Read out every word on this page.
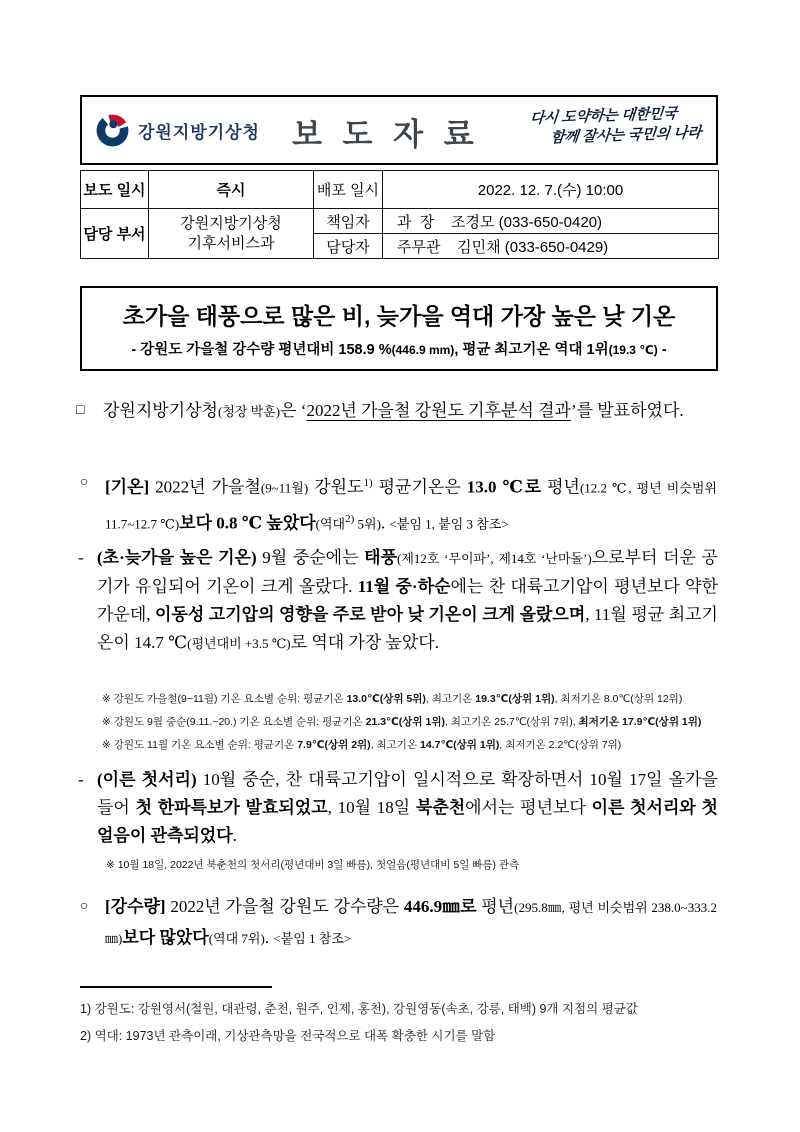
강원지방기상청 보 도 자 료
다시 도약하는 대한민국
함께 잘사는 국민의 나라
보도 일시	즉시	배포 일시	2022. 12. 7.(수) 10:00
담당 부서	강원지방기상청
기후서비스과	책임자	과  장    조경모 (033-650-0420)
		담당자	주무관    김민채 (033-650-0429)
초가을 태풍으로 많은 비, 늦가을 역대 가장 높은 낮 기온
- 강원도 가을철 강수량 평년대비 158.9 %(446.9 mm), 평균 최고기온 역대 1위(19.3 ℃) -
□	강원지방기상청(청장 박훈)은 ‘2022년 가을철 강원도 기후분석 결과’를 발표하였다.
○ [기온] 2022년 가을철(9~11월) 강원도$^{1)}$ 평균기온은 13.0 ℃로 평년(12.2 ℃, 평년 비슷범위 11.7~12.7 ℃)보다 0.8 ℃ 높았다(역대$^{2)}$ 5위). <붙임 1, 붙임 3 참조>
- (초·늦가을 높은 기온) 9월 중순에는 태풍(제12호 ‘무이파’, 제14호 ‘난마돌’)으로부터 더운 공기가 유입되어 기온이 크게 올랐다. 11월 중·하순에는 찬 대륙고기압이 평년보다 약한 가운데, 이동성 고기압의 영향을 주로 받아 낮 기온이 크게 올랐으며, 11월 평균 최고기온이 14.7 ℃(평년대비 +3.5 ℃)로 역대 가장 높았다.
※ 강원도 가을철(9~11월) 기온 요소별 순위: 평균기온 13.0℃(상위 5위), 최고기온 19.3℃(상위 1위), 최저기온 8.0℃(상위 12위)
※ 강원도 9월 중순(9.11.~20.) 기온 요소별 순위: 평균기온 21.3℃(상위 1위), 최고기온 25.7℃(상위 7위), 최저기온 17.9℃(상위 1위)
※ 강원도 11월 기온 요소별 순위: 평균기온 7.9℃(상위 2위), 최고기온 14.7℃(상위 1위), 최저기온 2.2℃(상위 7위)
- (이른 첫서리) 10월 중순, 찬 대륙고기압이 일시적으로 확장하면서 10월 17일 올가을 들어 첫 한파특보가 발효되었고, 10월 18일 북춘천에서는 평년보다 이른 첫서리와 첫얼음이 관측되었다.
※ 10월 18일, 2022년 북춘천의 첫서리(평년대비 3일 빠름), 첫얼음(평년대비 5일 빠름) 관측
○ [강수량] 2022년 가을철 강원도 강수량은 446.9㎜로 평년(295.8㎜, 평년 비슷범위 238.0~333.2㎜)보다 많았다(역대 7위). <붙임 1 참조>
1) 강원도: 강원영서(철원, 대관령, 춘천, 원주, 인제, 홍천), 강원영동(속초, 강릉, 태백) 9개 지점의 평균값
2) 역대: 1973년 관측이래, 기상관측망을 전국적으로 대폭 확충한 시기를 말함
